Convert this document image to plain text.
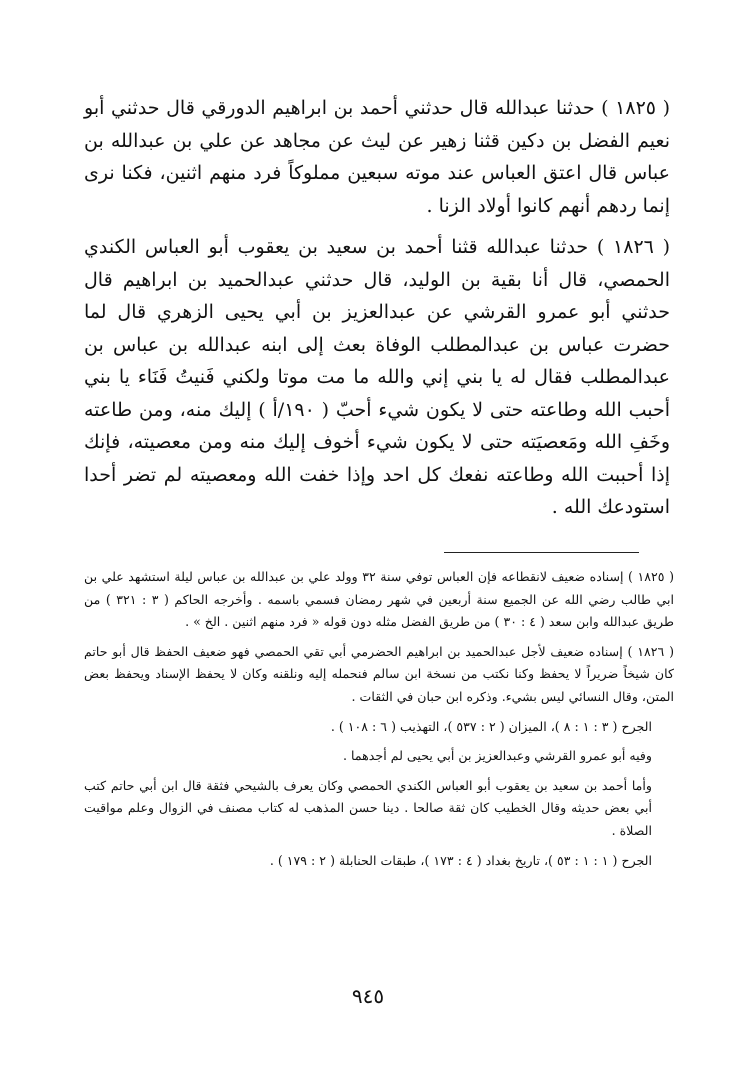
( ١٨٢٥ ) حدثنا عبدالله قال حدثني أحمد بن ابراهيم الدورقي قال حدثني أبو نعيم الفضل بن دكين قثنا زهير عن ليث عن مجاهد عن علي بن عبدالله بن عباس قال اعتق العباس عند موته سبعين مملوكاً فرد منهم اثنين، فكنا نرى إنما ردهم أنهم كانوا أولاد الزنا .

( ١٨٢٦ ) حدثنا عبدالله قثنا أحمد بن سعيد بن يعقوب أبو العباس الكندي الحمصي، قال أنا بقية بن الوليد، قال حدثني عبدالحميد بن ابراهيم قال حدثني أبو عمرو القرشي عن عبدالعزيز بن أبي يحيى الزهري قال لما حضرت عباس بن عبدالمطلب الوفاة بعث إلى ابنه عبدالله بن عباس بن عبدالمطلب فقال له يا بني إني والله ما مت موتا ولكني فَنيتُ فَنَاء يا بني أحبب الله وطاعته حتى لا يكون شيء أحبّ ( ١٩٠/أ ) إليك منه، ومن طاعته وخَفِ الله ومَعصيَته حتى لا يكون شيء أخوف إليك منه ومن معصيته، فإنك إذا أحببت الله وطاعته نفعك كل احد وإذا خفت الله ومعصيته لم تضر أحدا استودعك الله .

( ١٨٢٥ ) إسناده ضعيف لانقطاعه فإن العباس توفي سنة ٣٢ وولد علي بن عبدالله بن عباس ليلة استشهد علي بن ابي طالب رضي الله عن الجميع سنة أربعين في شهر رمضان فسمي باسمه . وأخرجه الحاكم ( ٣ : ٣٢١ ) من طريق عبدالله وابن سعد ( ٤ : ٣٠ ) من طريق الفضل مثله دون قوله « فرد منهم اثنين . الخ » .

( ١٨٢٦ ) إسناده ضعيف لأجل عبدالحميد بن ابراهيم الحضرمي أبي تقي الحمصي فهو ضعيف الحفظ قال أبو حاتم كان شيخاً ضريراً لا يحفظ وكنا نكتب من نسخة ابن سالم فنحمله إليه ونلقنه وكان لا يحفظ الإسناد ويحفظ بعض المتن، وقال النسائي ليس بشيء. وذكره ابن حبان في الثقات .

الجرح ( ٣ : ١ : ٨ )، الميزان ( ٢ : ٥٣٧ )، التهذيب ( ٦ : ١٠٨ ) .

وفيه أبو عمرو القرشي وعبدالعزيز بن أبي يحيى لم أجدهما .

وأما أحمد بن سعيد بن يعقوب أبو العباس الكندي الحمصي وكان يعرف بالشيحي فثقة قال ابن أبي حاتم كتب أبي بعض حديثه وقال الخطيب كان ثقة صالحا . دينا حسن المذهب له كتاب مصنف في الزوال وعلم مواقيت الصلاة .

الجرح ( ١ : ١ : ٥٣ )، تاريخ بغداد ( ٤ : ١٧٣ )، طبقات الحنابلة ( ٢ : ١٧٩ ) .

٩٤٥
